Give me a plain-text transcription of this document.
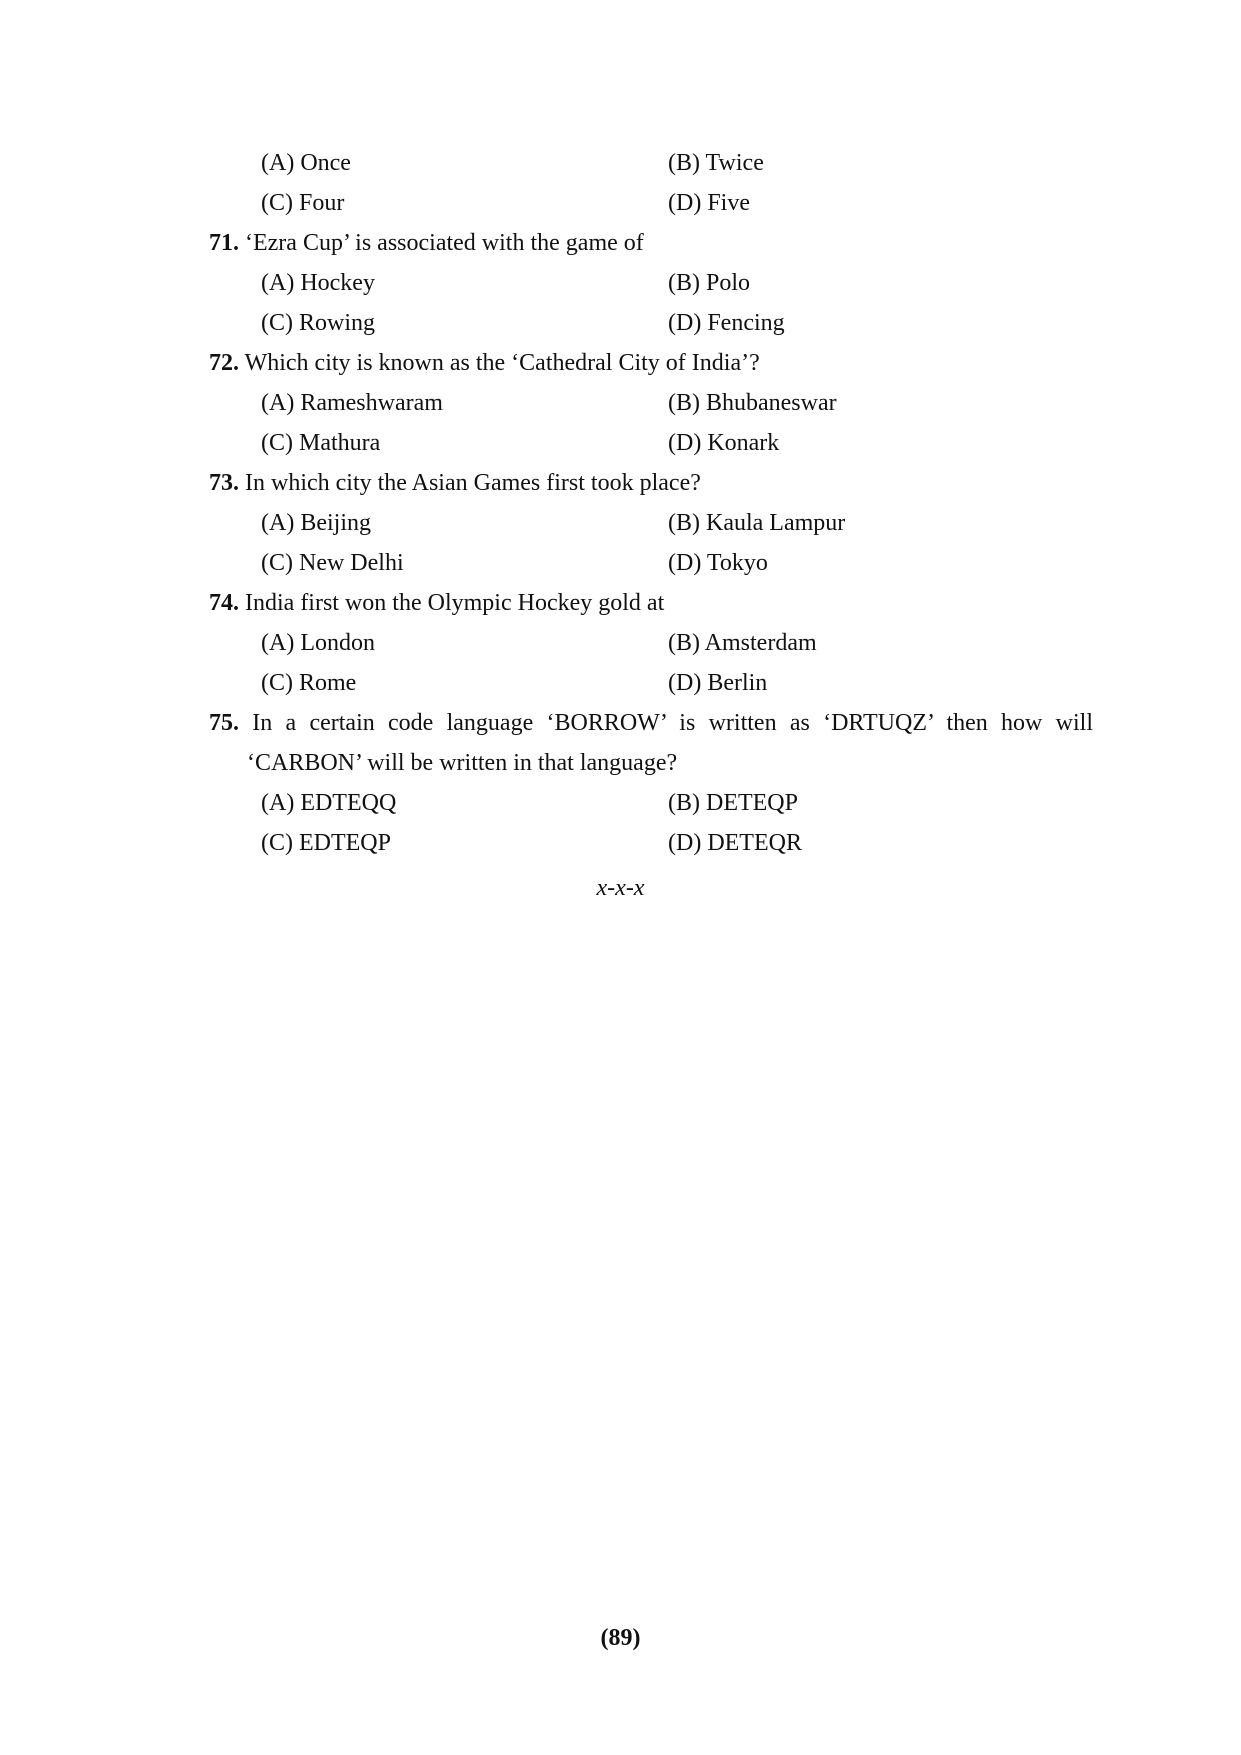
(A) Once	(B) Twice
(C) Four	(D) Five
71. ‘Ezra Cup’ is associated with the game of
(A) Hockey	(B) Polo
(C) Rowing	(D) Fencing
72. Which city is known as the ‘Cathedral City of India’?
(A) Rameshwaram	(B) Bhubaneswar
(C) Mathura	(D) Konark
73. In which city the Asian Games first took place?
(A) Beijing	(B) Kaula Lampur
(C) New Delhi	(D) Tokyo
74. India first won the Olympic Hockey gold at
(A) London	(B) Amsterdam
(C) Rome	(D) Berlin
75. In a certain code language ‘BORROW’ is written as ‘DRTUQZ’ then how will
‘CARBON’ will be written in that language?
(A) EDTEQQ	(B) DETEQP
(C) EDTEQP	(D) DETEQR
x-x-x
(89)
